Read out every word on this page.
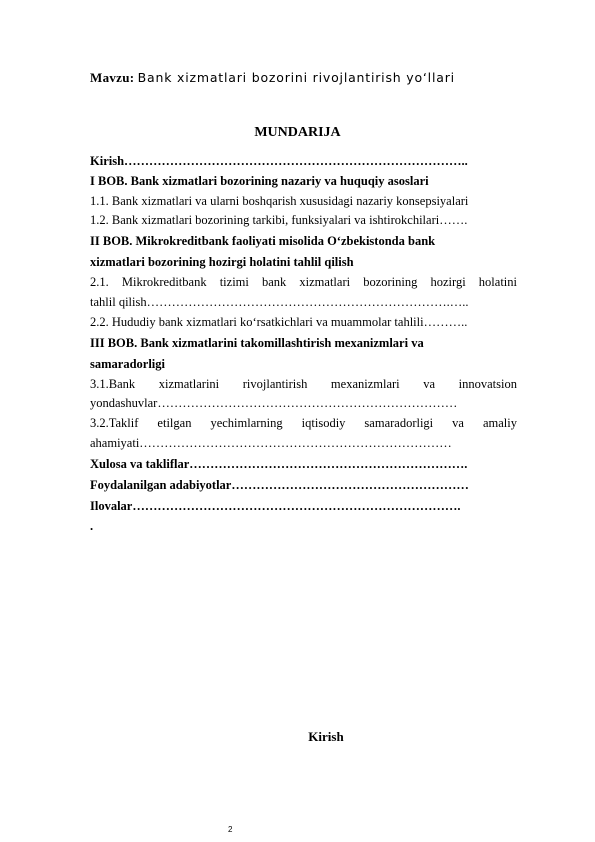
Mavzu: Bank xizmatlari bozorini rivojlantirish yo‘llari
MUNDARIJA
Kirish………………………………………………………………………..
I BOB. Bank xizmatlari bozorining nazariy va huquqiy asoslari
1.1. Bank xizmatlari va ularni boshqarish xususidagi nazariy konsepsiyalari
1.2. Bank xizmatlari bozorining tarkibi, funksiyalari va ishtirokchilari…….
II BOB. Mikrokreditbank faoliyati misolida O‘zbekistonda bank
xizmatlari bozorining hozirgi holatini tahlil qilish
2.1. Mikrokreditbank tizimi bank xizmatlari bozorining hozirgi holatini
tahlil qilish……………………………………………………………….…..
2.2. Hududiy bank xizmatlari ko‘rsatkichlari va muammolar tahlili………..
III BOB. Bank xizmatlarini takomillashtirish mexanizmlari va
samaradorligi
3.1.Bank xizmatlarini rivojlantirish mexanizmlari va innovatsion
yondashuvlar………………………………………………………………
3.2.Taklif etilgan yechimlarning iqtisodiy samaradorligi va amaliy
ahamiyati…………………………………………………………………
Xulosa va takliflar………………………………………………………….
Foydalanilgan adabiyotlar…………………………………………………
Ilovalar…………………………………………………………………….
.
Kirish
2
